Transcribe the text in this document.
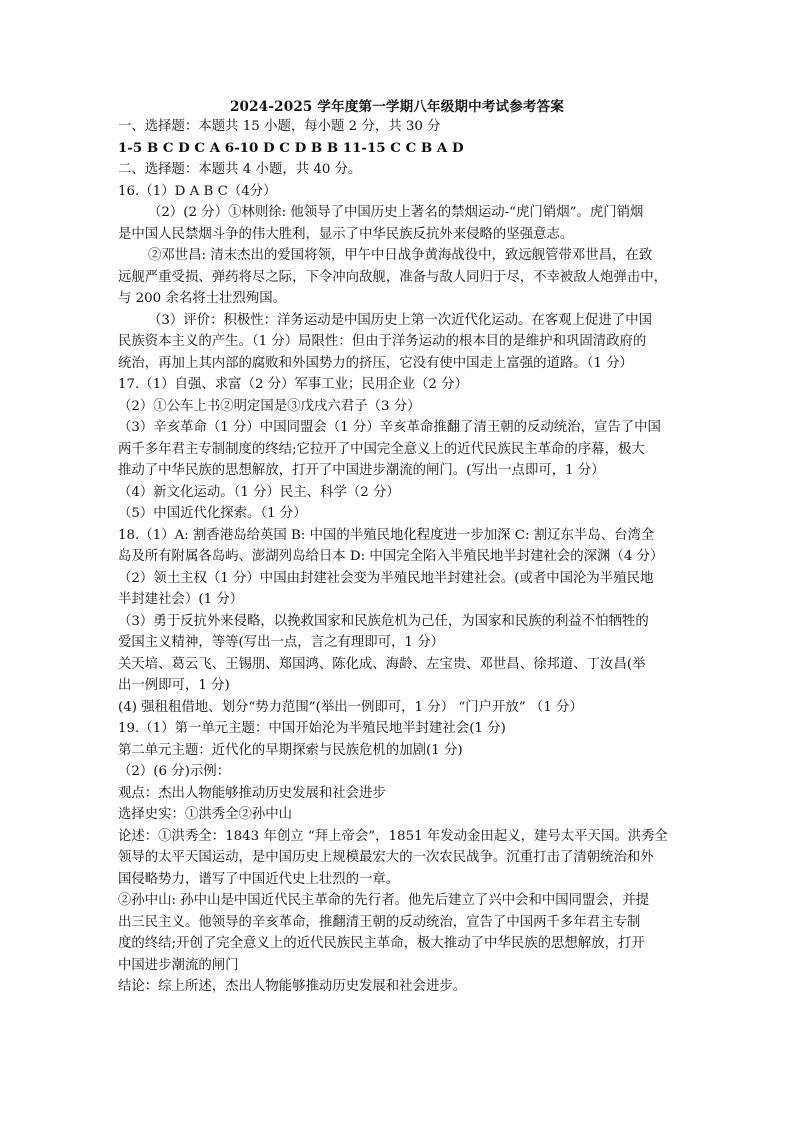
2024-2025 学年度第一学期八年级期中考试参考答案
一、选择题：本题共 15 小题，每小题 2 分，共 30 分
1-5 B C D C A 6-10 D C D B B 11-15 C C B A D
二、选择题：本题共 4 小题，共 40 分。
16.（1）D A B C（4分）
（2）(2 分）①林则徐: 他领导了中国历史上著名的禁烟运动-“虎门销烟”。虎门销烟
是中国人民禁烟斗争的伟大胜利，显示了中华民族反抗外来侵略的坚强意志。
②邓世昌: 清末杰出的爱国将领，甲午中日战争黄海战役中，致远舰管带邓世昌，在致
远舰严重受损、弹药将尽之际，下令冲向敌舰，准备与敌人同归于尽，不幸被敌人炮弹击中，
与 200 余名将士壮烈殉国。
（3）评价：积极性：洋务运动是中国历史上第一次近代化运动。在客观上促进了中国
民族资本主义的产生。（1 分）局限性：但由于洋务运动的根本目的是维护和巩固清政府的
统治，再加上其内部的腐败和外国势力的挤压，它没有使中国走上富强的道路。（1 分）
17.（1）自强、求富（2 分）军事工业；民用企业（2 分）
（2）①公车上书②明定国是③戊戌六君子（3 分）
（3）辛亥革命（1 分）中国同盟会（1 分）辛亥革命推翻了清王朝的反动统治，宣告了中国
两千多年君主专制制度的终结;它拉开了中国完全意义上的近代民族民主革命的序幕，极大
推动了中华民族的思想解放，打开了中国进步潮流的闸门。(写出一点即可，1 分）
（4）新文化运动。（1 分）民主、科学（2 分）
（5）中国近代化探索。（1 分）
18.（1）A: 割香港岛给英国 B: 中国的半殖民地化程度进一步加深 C: 割辽东半岛、台湾全
岛及所有附属各岛屿、澎湖列岛给日本 D: 中国完全陷入半殖民地半封建社会的深渊（4 分）
（2）领土主权（1 分）中国由封建社会变为半殖民地半封建社会。(或者中国沦为半殖民地
半封建社会）(1 分）
（3）勇于反抗外来侵略，以挽救国家和民族危机为己任，为国家和民族的利益不怕牺牲的
爱国主义精神，等等(写出一点，言之有理即可，1 分）
关天培、葛云飞、王锡朋、郑国鸿、陈化成、海龄、左宝贵、邓世昌、徐邦道、丁汝昌(举
出一例即可，1 分)
(4) 强租租借地、划分“势力范围”(举出一例即可，1 分） “门户开放” （1 分）
19.（1）第一单元主题：中国开始沦为半殖民地半封建社会(1 分)
第二单元主题：近代化的早期探索与民族危机的加剧(1 分)
（2）(6 分)示例：
观点：杰出人物能够推动历史发展和社会进步
选择史实：①洪秀全②孙中山
论述：①洪秀全：1843 年创立 “拜上帝会”，1851 年发动金田起义，建号太平天国。洪秀全
领导的太平天国运动，是中国历史上规模最宏大的一次农民战争。沉重打击了清朝统治和外
国侵略势力，谱写了中国近代史上壮烈的一章。
②孙中山: 孙中山是中国近代民主革命的先行者。他先后建立了兴中会和中国同盟会，并提
出三民主义。他领导的辛亥革命，推翻清王朝的反动统治，宣告了中国两千多年君主专制
度的终结;开创了完全意义上的近代民族民主革命，极大推动了中华民族的思想解放，打开
中国进步潮流的闸门
结论：综上所述，杰出人物能够推动历史发展和社会进步。
